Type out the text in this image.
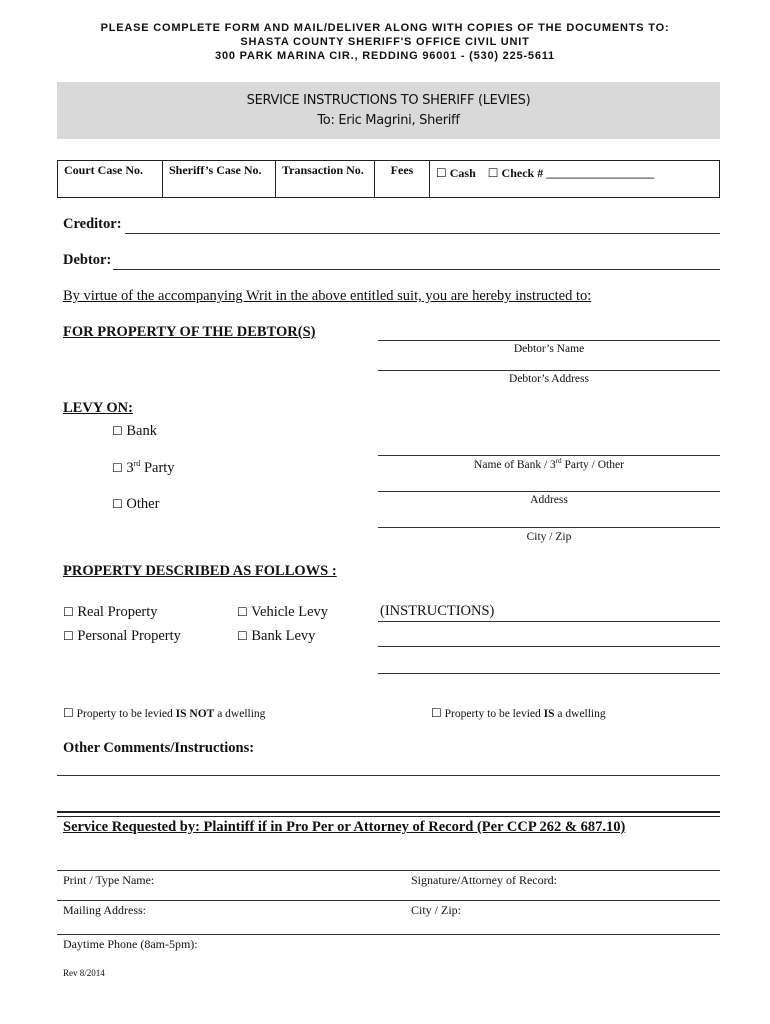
PLEASE COMPLETE FORM AND MAIL/DELIVER ALONG WITH COPIES OF THE DOCUMENTS TO:
SHASTA COUNTY SHERIFF'S OFFICE CIVIL UNIT
300 PARK MARINA CIR., REDDING 96001 - (530) 225-5611
SERVICE INSTRUCTIONS TO SHERIFF (LEVIES)
To: Eric Magrini, Sheriff
Court Case No.	Sheriff’s Case No.	Transaction No.	Fees	☐ Cash ☐ Check # __________________
Creditor:
Debtor:
By virtue of the accompanying Writ in the above entitled suit, you are hereby instructed to:
FOR PROPERTY OF THE DEBTOR(S)
Debtor’s Name
Debtor’s Address
LEVY ON:
☐ Bank
☐ 3rd Party
☐ Other
Name of Bank / 3rd Party / Other
Address
City / Zip
PROPERTY DESCRIBED AS FOLLOWS :
☐ Real Property	☐ Vehicle Levy
☐ Personal Property	☐ Bank Levy
(INSTRUCTIONS)
☐ Property to be levied IS NOT a dwelling	☐ Property to be levied IS a dwelling
Other Comments/Instructions:
Service Requested by: Plaintiff if in Pro Per or Attorney of Record (Per CCP 262 & 687.10)
Print / Type Name:	Signature/Attorney of Record:
Mailing Address:	City / Zip:
Daytime Phone (8am-5pm):
Rev 8/2014
